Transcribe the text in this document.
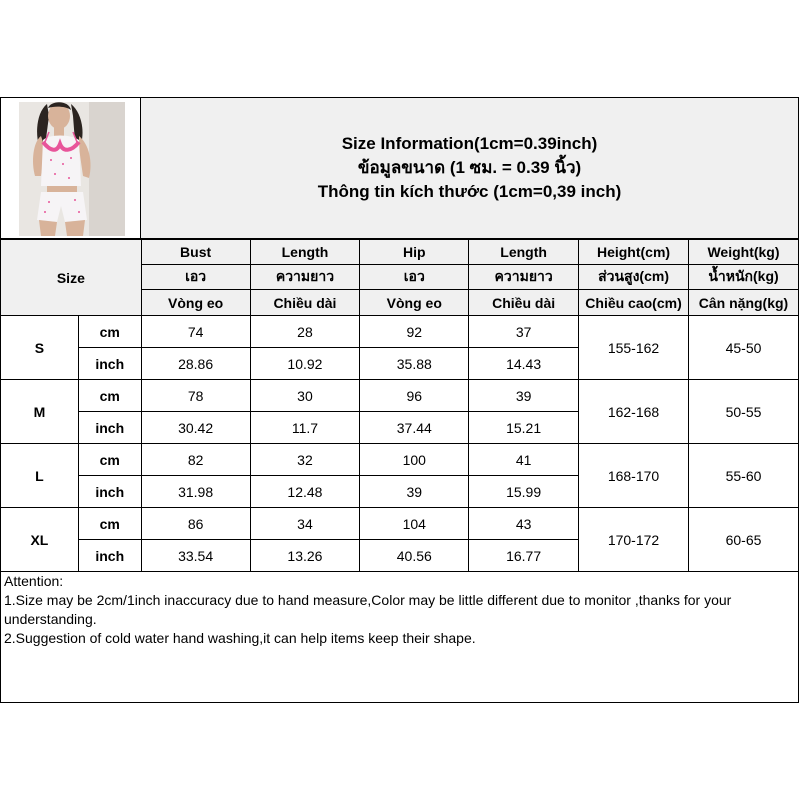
Size Information(1cm=0.39inch)
ข้อมูลขนาด (1 ซม. = 0.39 นิ้ว)
Thông tin kích thước (1cm=0,39 inch)
Size		Bust	Length	Hip	Length	Height(cm)	Weight(kg)
		เอว	ความยาว	เอว	ความยาว	ส่วนสูง(cm)	น้ำหนัก(kg)
		Vòng eo	Chiều dài	Vòng eo	Chiều dài	Chiều cao(cm)	Cân nặng(kg)
S	cm	74	28	92	37	155-162	45-50
	inch	28.86	10.92	35.88	14.43		
M	cm	78	30	96	39	162-168	50-55
	inch	30.42	11.7	37.44	15.21		
L	cm	82	32	100	41	168-170	55-60
	inch	31.98	12.48	39	15.99		
XL	cm	86	34	104	43	170-172	60-65
	inch	33.54	13.26	40.56	16.77		
Attention:
1.Size may be 2cm/1inch inaccuracy due to hand measure,Color may be little different due to monitor ,thanks for your understanding.
2.Suggestion of cold water hand washing,it can help items keep their shape.
